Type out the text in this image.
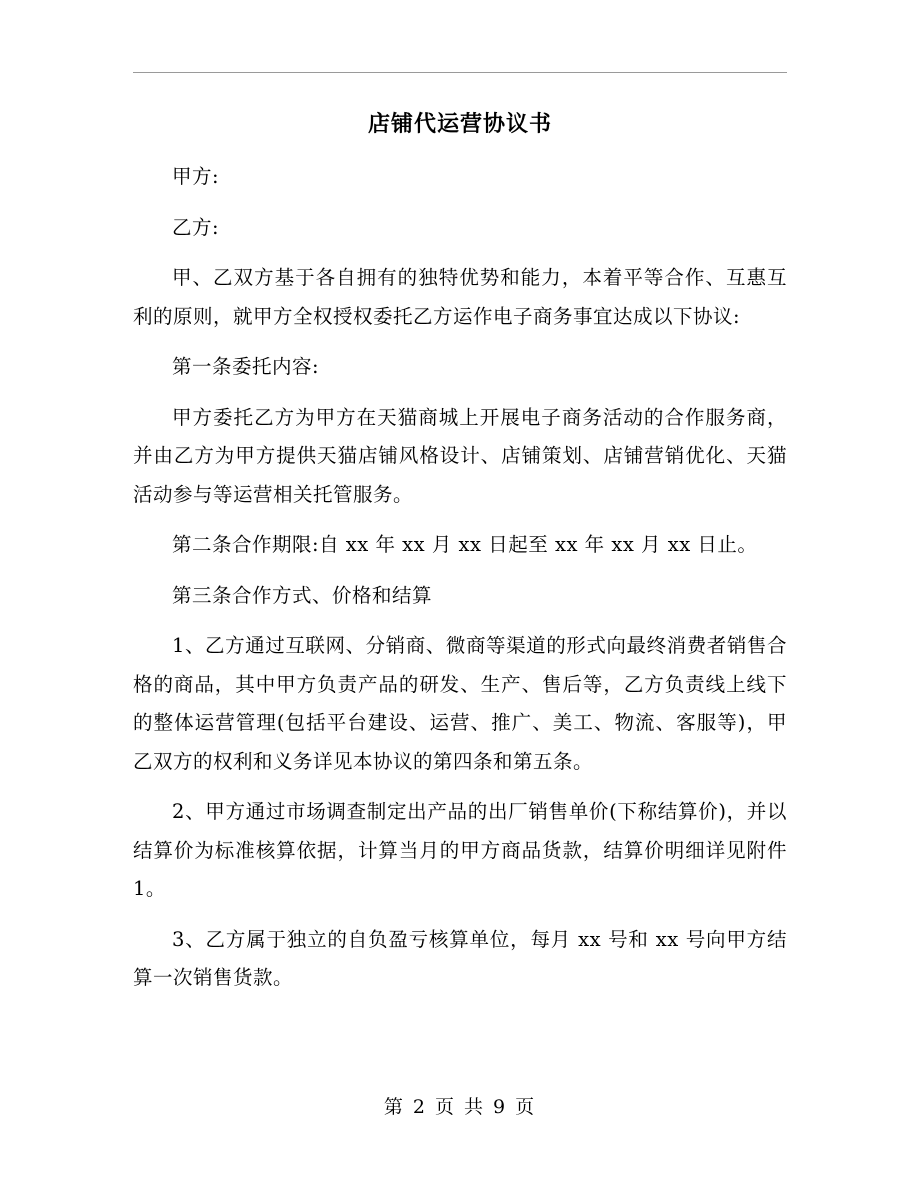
店铺代运营协议书

甲方:

乙方:

甲、乙双方基于各自拥有的独特优势和能力，本着平等合作、互惠互利的原则，就甲方全权授权委托乙方运作电子商务事宜达成以下协议:

第一条委托内容:

甲方委托乙方为甲方在天猫商城上开展电子商务活动的合作服务商，并由乙方为甲方提供天猫店铺风格设计、店铺策划、店铺营销优化、天猫活动参与等运营相关托管服务。

第二条合作期限:自 xx 年 xx 月 xx 日起至 xx 年 xx 月 xx 日止。

第三条合作方式、价格和结算

1、乙方通过互联网、分销商、微商等渠道的形式向最终消费者销售合格的商品，其中甲方负责产品的研发、生产、售后等，乙方负责线上线下的整体运营管理(包括平台建设、运营、推广、美工、物流、客服等)，甲乙双方的权利和义务详见本协议的第四条和第五条。

2、甲方通过市场调查制定出产品的出厂销售单价(下称结算价)，并以结算价为标准核算依据，计算当月的甲方商品货款，结算价明细详见附件 1。

3、乙方属于独立的自负盈亏核算单位，每月 xx 号和 xx 号向甲方结算一次销售货款。

第 2 页 共 9 页
